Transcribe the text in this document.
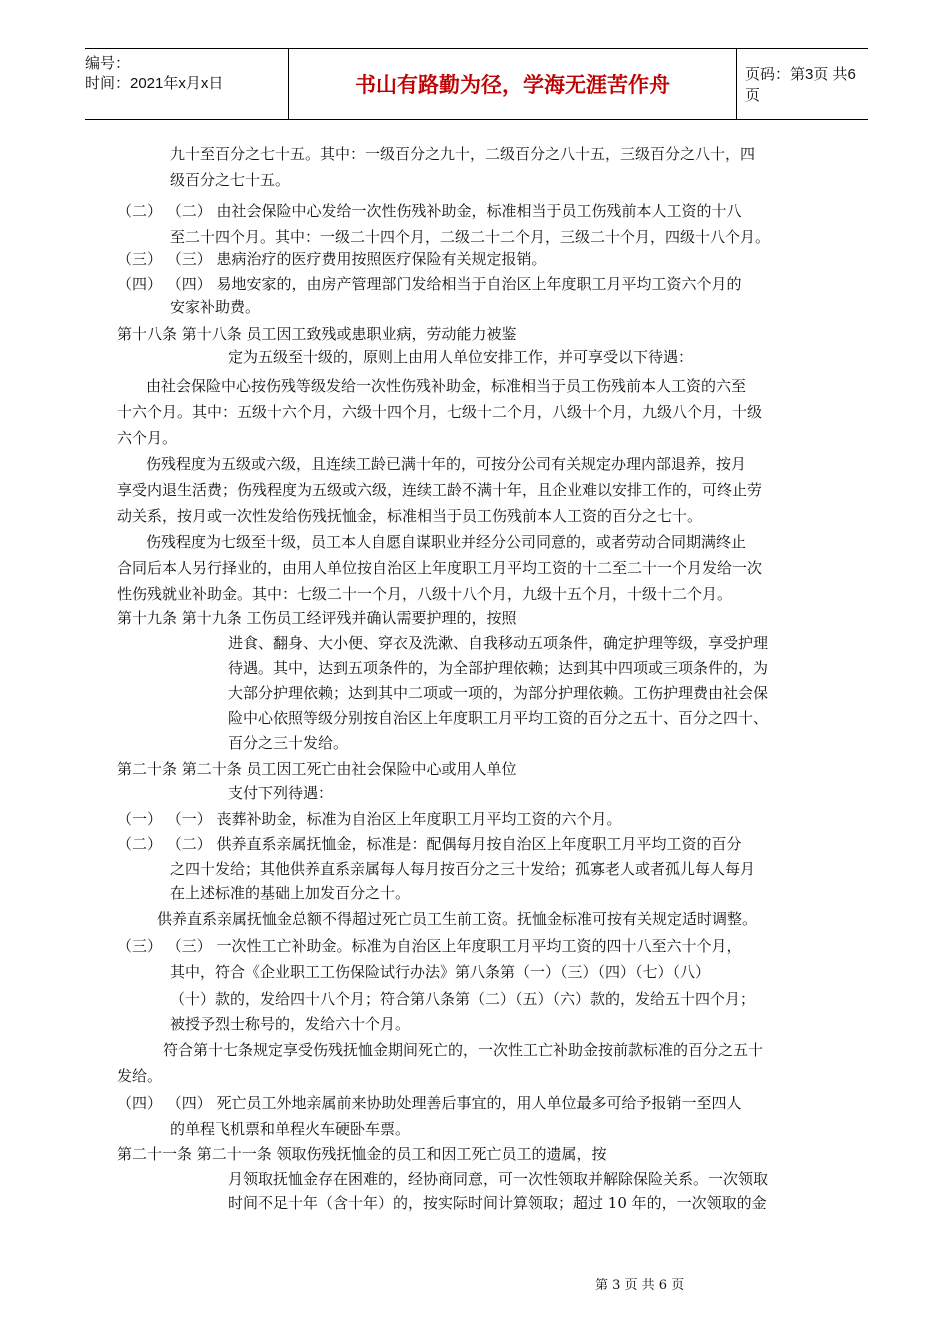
编号：
时间：2021年x月x日	书山有路勤为径，学海无涯苦作舟	页码：第3页 共6页
九十至百分之七十五。其中：一级百分之九十，二级百分之八十五，三级百分之八十，四
级百分之七十五。
（二） （二） 由社会保险中心发给一次性伤残补助金，标准相当于员工伤残前本人工资的十八
至二十四个月。其中：一级二十四个月，二级二十二个月，三级二十个月，四级十八个月。
（三） （三） 患病治疗的医疗费用按照医疗保险有关规定报销。
（四） （四） 易地安家的，由房产管理部门发给相当于自治区上年度职工月平均工资六个月的
安家补助费。
第十八条 第十八条 员工因工致残或患职业病，劳动能力被鉴
定为五级至十级的，原则上由用人单位安排工作，并可享受以下待遇：
由社会保险中心按伤残等级发给一次性伤残补助金，标准相当于员工伤残前本人工资的六至
十六个月。其中：五级十六个月，六级十四个月，七级十二个月，八级十个月，九级八个月，十级
六个月。
伤残程度为五级或六级，且连续工龄已满十年的，可按分公司有关规定办理内部退养，按月
享受内退生活费；伤残程度为五级或六级，连续工龄不满十年，且企业难以安排工作的，可终止劳
动关系，按月或一次性发给伤残抚恤金，标准相当于员工伤残前本人工资的百分之七十。
伤残程度为七级至十级，员工本人自愿自谋职业并经分公司同意的，或者劳动合同期满终止
合同后本人另行择业的，由用人单位按自治区上年度职工月平均工资的十二至二十一个月发给一次
性伤残就业补助金。其中：七级二十一个月，八级十八个月，九级十五个月，十级十二个月。
第十九条 第十九条 工伤员工经评残并确认需要护理的，按照
进食、翻身、大小便、穿衣及洗漱、自我移动五项条件，确定护理等级，享受护理
待遇。其中，达到五项条件的，为全部护理依赖；达到其中四项或三项条件的，为
大部分护理依赖；达到其中二项或一项的，为部分护理依赖。工伤护理费由社会保
险中心依照等级分别按自治区上年度职工月平均工资的百分之五十、百分之四十、
百分之三十发给。
第二十条 第二十条 员工因工死亡由社会保险中心或用人单位
支付下列待遇：
（一） （一） 丧葬补助金，标准为自治区上年度职工月平均工资的六个月。
（二） （二） 供养直系亲属抚恤金，标准是：配偶每月按自治区上年度职工月平均工资的百分
之四十发给；其他供养直系亲属每人每月按百分之三十发给；孤寡老人或者孤儿每人每月
在上述标准的基础上加发百分之十。
供养直系亲属抚恤金总额不得超过死亡员工生前工资。抚恤金标准可按有关规定适时调整。
（三） （三） 一次性工亡补助金。标准为自治区上年度职工月平均工资的四十八至六十个月，
其中，符合《企业职工工伤保险试行办法》第八条第（一）（三）（四）（七）（八）
（十）款的，发给四十八个月；符合第八条第（二）（五）（六）款的，发给五十四个月；
被授予烈士称号的，发给六十个月。
符合第十七条规定享受伤残抚恤金期间死亡的，一次性工亡补助金按前款标准的百分之五十
发给。
（四） （四） 死亡员工外地亲属前来协助处理善后事宜的，用人单位最多可给予报销一至四人
的单程飞机票和单程火车硬卧车票。
第二十一条 第二十一条 领取伤残抚恤金的员工和因工死亡员工的遗属，按
月领取抚恤金存在困难的，经协商同意，可一次性领取并解除保险关系。一次领取
时间不足十年（含十年）的，按实际时间计算领取；超过 10 年的，一次领取的金
第 3 页 共 6 页
